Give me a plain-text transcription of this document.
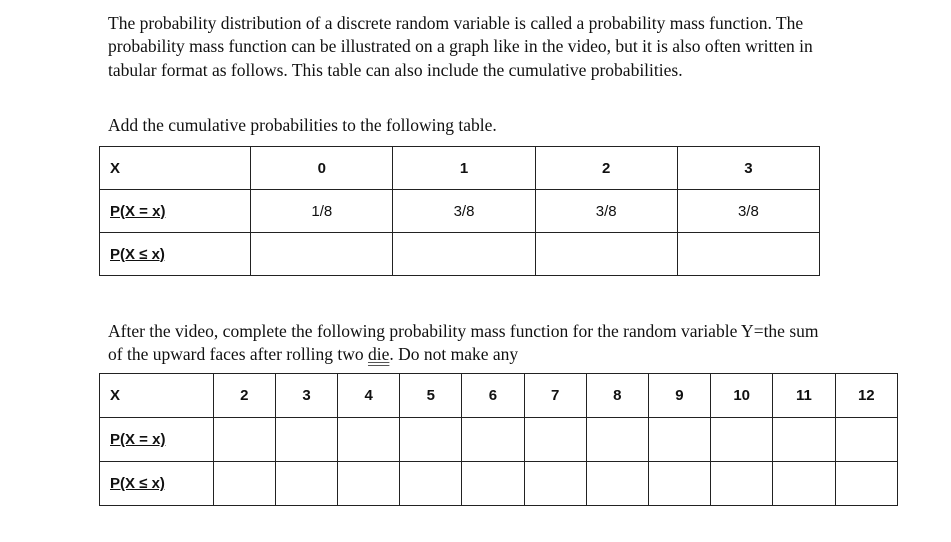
The probability distribution of a discrete random variable is called a probability mass function. The probability mass function can be illustrated on a graph like in the video, but it is also often written in tabular format as follows. This table can also include the cumulative probabilities.

Add the cumulative probabilities to the following table.

X	0	1	2	3
P(X = x)	1/8	3/8	3/8	3/8
P(X ≤ x)				

After the video, complete the following probability mass function for the random variable Y=the sum of the upward faces after rolling two die. Do not make any

X	2	3	4	5	6	7	8	9	10	11	12
P(X = x)											
P(X ≤ x)											
